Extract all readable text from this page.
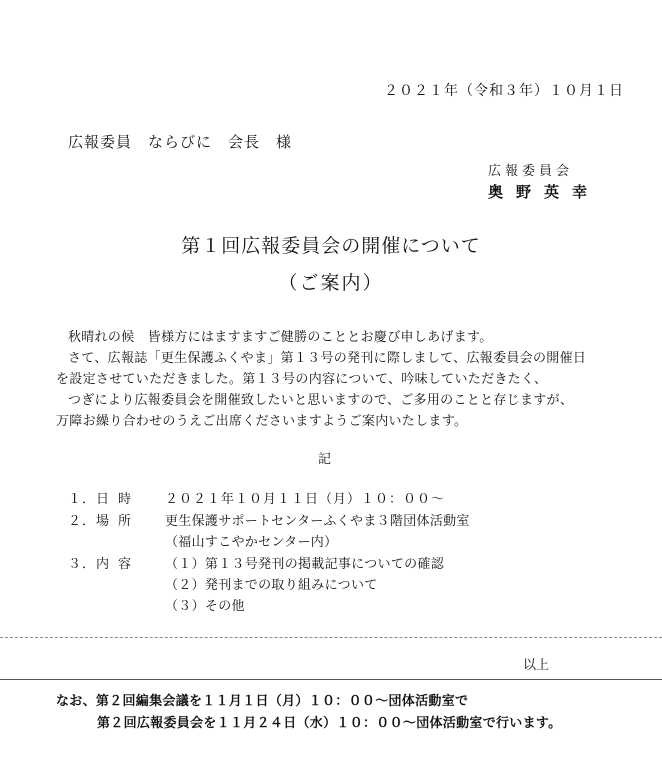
２０２１年（令和３年）１０月１日
広報委員　ならびに　会長　様
広報委員会
奥野英幸
第１回広報委員会の開催について
（ご案内）
秋晴れの候　皆様方にはますますご健勝のこととお慶び申しあげます。
さて、広報誌「更生保護ふくやま」第１３号の発刊に際しまして、広報委員会の開催日
を設定させていただきました。第１３号の内容について、吟味していただきたく、
つぎにより広報委員会を開催致したいと思いますので、ご多用のことと存じますが、
万障お繰り合わせのうえご出席くださいますようご案内いたします。
記
１． 日時 ２０２１年１０月１１日（月）１０：００〜
２． 場所 更生保護サポートセンターふくやま３階団体活動室
（福山すこやかセンター内）
３． 内容 （１）第１３号発刊の掲載記事についての確認
（２）発刊までの取り組みについて
（３）その他
以上
なお、第２回編集会議を１１月１日（月）１０：００〜団体活動室で
第２回広報委員会を１１月２４日（水）１０：００〜団体活動室で行います。
